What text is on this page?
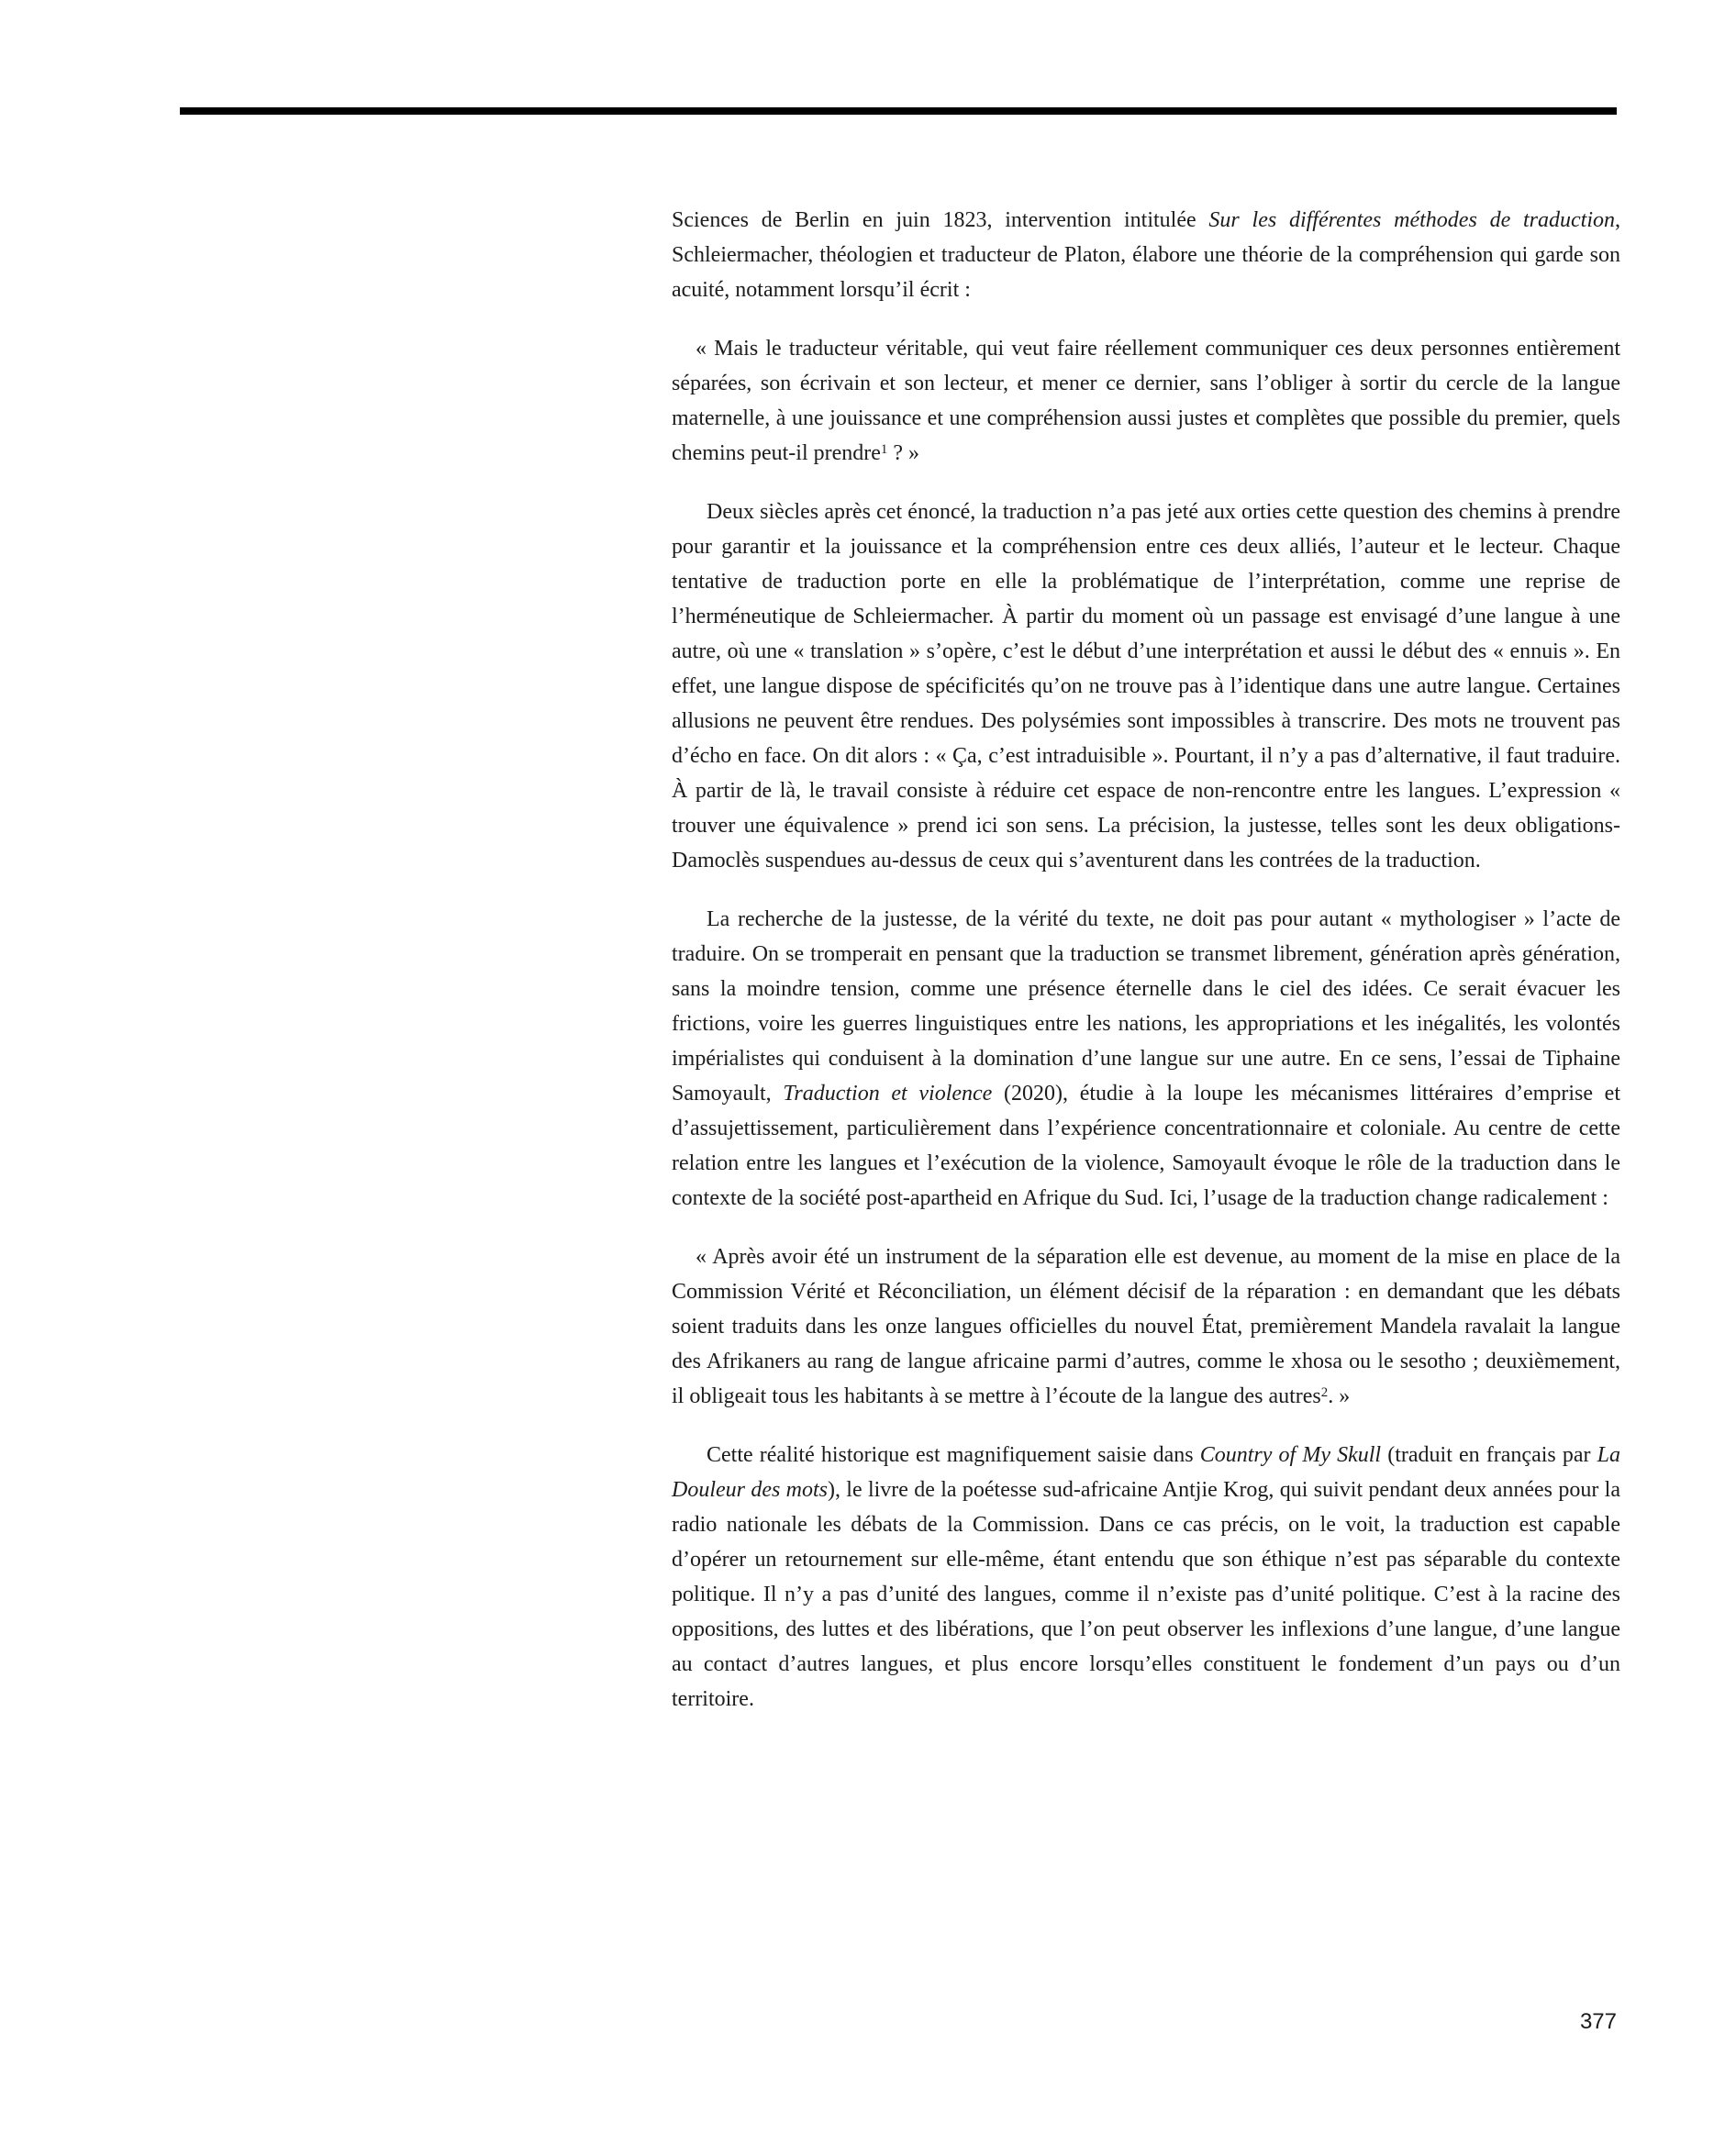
Sciences de Berlin en juin 1823, intervention intitulée Sur les différentes méthodes de traduction, Schleiermacher, théologien et traducteur de Platon, élabore une théorie de la compréhension qui garde son acuité, notamment lorsqu’il écrit :

« Mais le traducteur véritable, qui veut faire réellement communiquer ces deux personnes entièrement séparées, son écrivain et son lecteur, et mener ce dernier, sans l’obliger à sortir du cercle de la langue maternelle, à une jouissance et une compréhension aussi justes et complètes que possible du premier, quels chemins peut-il prendre$^1$ ? »

Deux siècles après cet énoncé, la traduction n’a pas jeté aux orties cette question des chemins à prendre pour garantir et la jouissance et la compréhension entre ces deux alliés, l’auteur et le lecteur. Chaque tentative de traduction porte en elle la problématique de l’interprétation, comme une reprise de l’herméneutique de Schleiermacher. À partir du moment où un passage est envisagé d’une langue à une autre, où une « translation » s’opère, c’est le début d’une interprétation et aussi le début des « ennuis ». En effet, une langue dispose de spécificités qu’on ne trouve pas à l’identique dans une autre langue. Certaines allusions ne peuvent être rendues. Des polysémies sont impossibles à transcrire. Des mots ne trouvent pas d’écho en face. On dit alors : « Ça, c’est intraduisible ». Pourtant, il n’y a pas d’alternative, il faut traduire. À partir de là, le travail consiste à réduire cet espace de non-rencontre entre les langues. L’expression « trouver une équivalence » prend ici son sens. La précision, la justesse, telles sont les deux obligations-Damoclès suspendues au-dessus de ceux qui s’aventurent dans les contrées de la traduction.

La recherche de la justesse, de la vérité du texte, ne doit pas pour autant « mythologiser » l’acte de traduire. On se tromperait en pensant que la traduction se transmet librement, génération après génération, sans la moindre tension, comme une présence éternelle dans le ciel des idées. Ce serait évacuer les frictions, voire les guerres linguistiques entre les nations, les appropriations et les inégalités, les volontés impérialistes qui conduisent à la domination d’une langue sur une autre. En ce sens, l’essai de Tiphaine Samoyault, Traduction et violence (2020), étudie à la loupe les mécanismes littéraires d’emprise et d’assujettissement, particulièrement dans l’expérience concentrationnaire et coloniale. Au centre de cette relation entre les langues et l’exécution de la violence, Samoyault évoque le rôle de la traduction dans le contexte de la société post-apartheid en Afrique du Sud. Ici, l’usage de la traduction change radicalement :

« Après avoir été un instrument de la séparation elle est devenue, au moment de la mise en place de la Commission Vérité et Réconciliation, un élément décisif de la réparation : en demandant que les débats soient traduits dans les onze langues officielles du nouvel État, premièrement Mandela ravalait la langue des Afrikaners au rang de langue africaine parmi d’autres, comme le xhosa ou le sesotho ; deuxièmement, il obligeait tous les habitants à se mettre à l’écoute de la langue des autres$^2$. »

Cette réalité historique est magnifiquement saisie dans Country of My Skull (traduit en français par La Douleur des mots), le livre de la poétesse sud-africaine Antjie Krog, qui suivit pendant deux années pour la radio nationale les débats de la Commission. Dans ce cas précis, on le voit, la traduction est capable d’opérer un retournement sur elle-même, étant entendu que son éthique n’est pas séparable du contexte politique. Il n’y a pas d’unité des langues, comme il n’existe pas d’unité politique. C’est à la racine des oppositions, des luttes et des libérations, que l’on peut observer les inflexions d’une langue, d’une langue au contact d’autres langues, et plus encore lorsqu’elles constituent le fondement d’un pays ou d’un territoire.

377
